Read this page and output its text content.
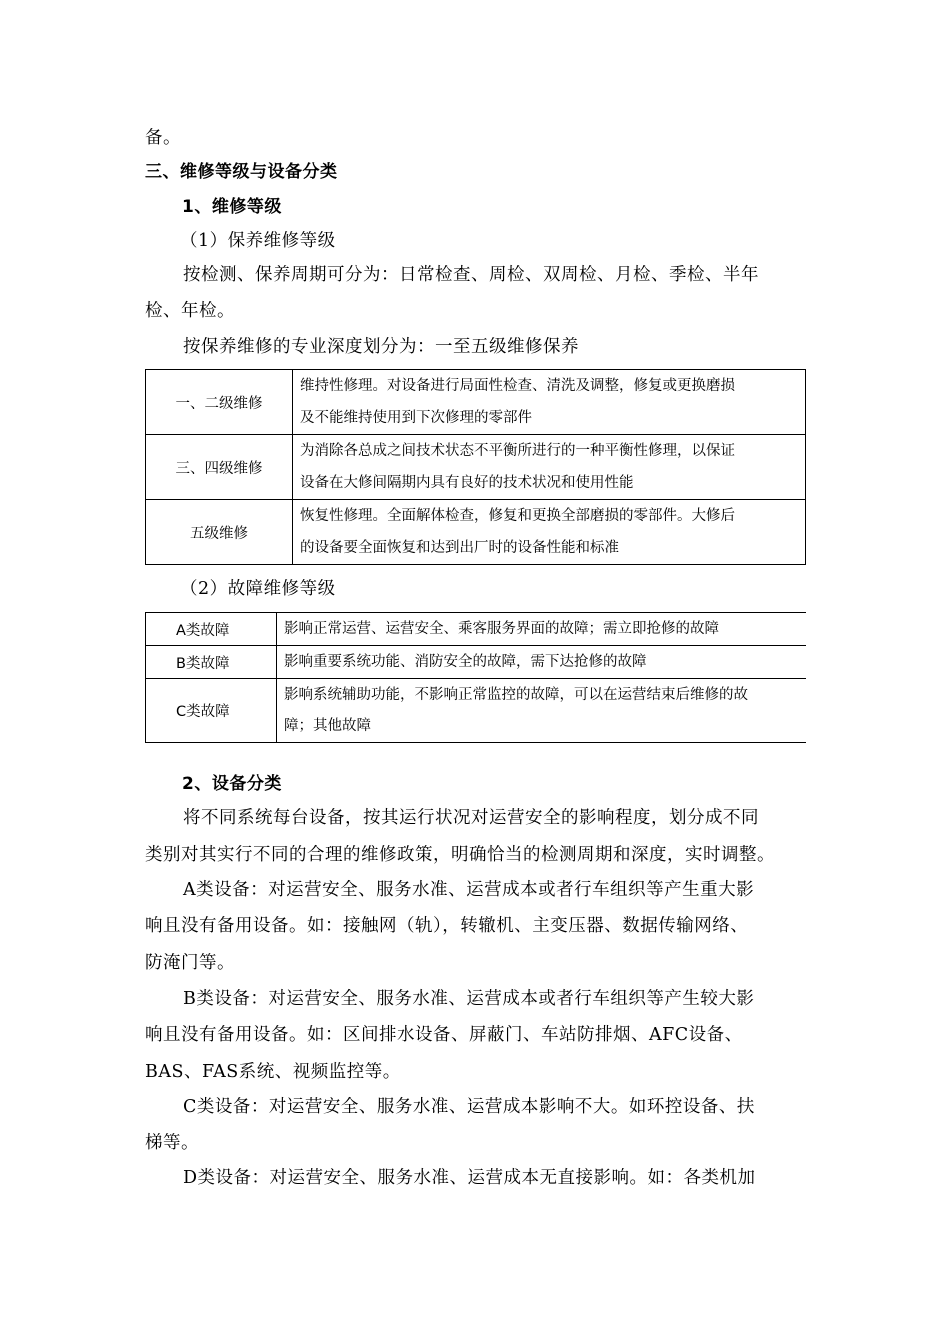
备。
三、维修等级与设备分类
1、维修等级
（1）保养维修等级
按检测、保养周期可分为：日常检查、周检、双周检、月检、季检、半年
检、年检。
按保养维修的专业深度划分为：一至五级维修保养
一、二级维修	维持性修理。对设备进行局面性检查、清洗及调整，修复或更换磨损
及不能维持使用到下次修理的零部件

三、四级维修	为消除各总成之间技术状态不平衡所进行的一种平衡性修理，以保证
设备在大修间隔期内具有良好的技术状况和使用性能

五级维修	恢复性修理。全面解体检查，修复和更换全部磨损的零部件。大修后
的设备要全面恢复和达到出厂时的设备性能和标准
（2）故障维修等级
A类故障	影响正常运营、运营安全、乘客服务界面的故障；需立即抢修的故障

B类故障	影响重要系统功能、消防安全的故障，需下达抢修的故障

C类故障	影响系统辅助功能，不影响正常监控的故障，可以在运营结束后维修的故
障；其他故障
2、设备分类
将不同系统每台设备，按其运行状况对运营安全的影响程度，划分成不同
类别对其实行不同的合理的维修政策，明确恰当的检测周期和深度，实时调整。
A类设备：对运营安全、服务水准、运营成本或者行车组织等产生重大影
响且没有备用设备。如：接触网（轨），转辙机、主变压器、数据传输网络、
防淹门等。
B类设备：对运营安全、服务水准、运营成本或者行车组织等产生较大影
响且没有备用设备。如：区间排水设备、屏蔽门、车站防排烟、AFC设备、
BAS、FAS系统、视频监控等。
C类设备：对运营安全、服务水准、运营成本影响不大。如环控设备、扶
梯等。
D类设备：对运营安全、服务水准、运营成本无直接影响。如：各类机加
